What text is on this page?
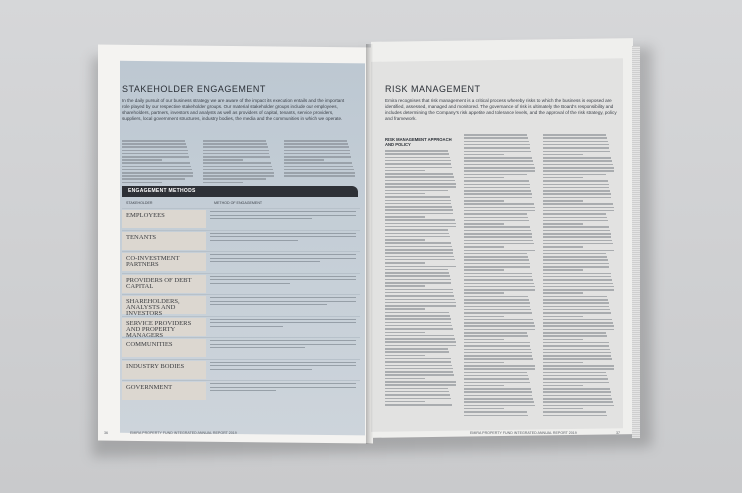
STAKEHOLDER ENGAGEMENT
In the daily pursuit of our business strategy we are aware of the impact its execution entails and the important role played by our respective stakeholder groups. Our material stakeholder groups include our employees, shareholders, partners, investors and analysts as well as providers of capital, tenants, service providers, suppliers, local government structures, industry bodies, the media and the communities in which we operate.
ENGAGEMENT METHODS
STAKEHOLDER	METHOD OF ENGAGEMENT
EMPLOYEES
TENANTS
CO-INVESTMENT PARTNERS
PROVIDERS OF DEBT CAPITAL
SHAREHOLDERS, ANALYSTS AND INVESTORS
SERVICE PROVIDERS AND PROPERTY MANAGERS
COMMUNITIES
INDUSTRY BODIES
GOVERNMENT
36	EMIRA PROPERTY FUND INTEGRATED ANNUAL REPORT 2019
RISK MANAGEMENT
Emira recognises that risk management is a critical process whereby risks to which the business is exposed are identified, assessed, managed and monitored. The governance of risk is ultimately the Board's responsibility and includes determining the Company's risk appetite and tolerance levels, and the approval of the risk strategy, policy and framework.
RISK MANAGEMENT APPROACH AND POLICY
EMIRA PROPERTY FUND INTEGRATED ANNUAL REPORT 2019	37
